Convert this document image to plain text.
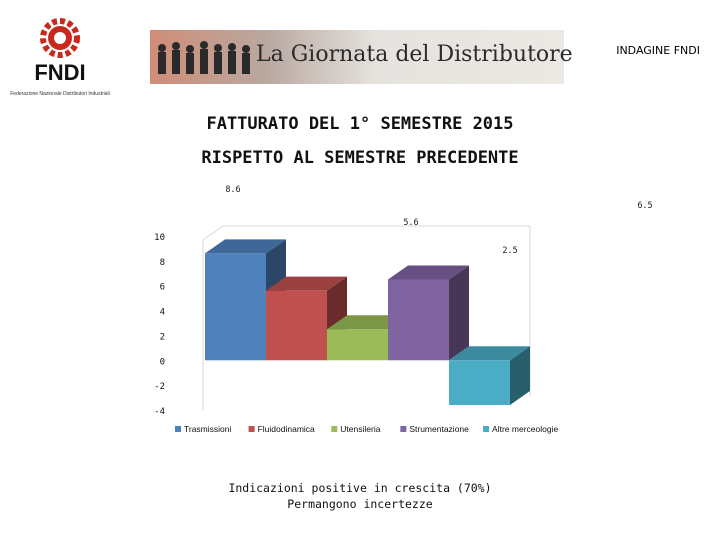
FNDI
Federazione Nazionale Distributori Industriali
La Giornata del Distributore	INDAGINE FNDI
FATTURATO DEL 1° SEMESTRE 2015
RISPETTO AL SEMESTRE PRECEDENTE
10
8
6
4
2
0
-2
-4
8.6
5.6
2.5
6.5
Trasmissioni	Fluidodinamica	Utensileria	Strumentazione	Altre merceologie
Indicazioni positive in crescita (70%)
Permangono incertezze
